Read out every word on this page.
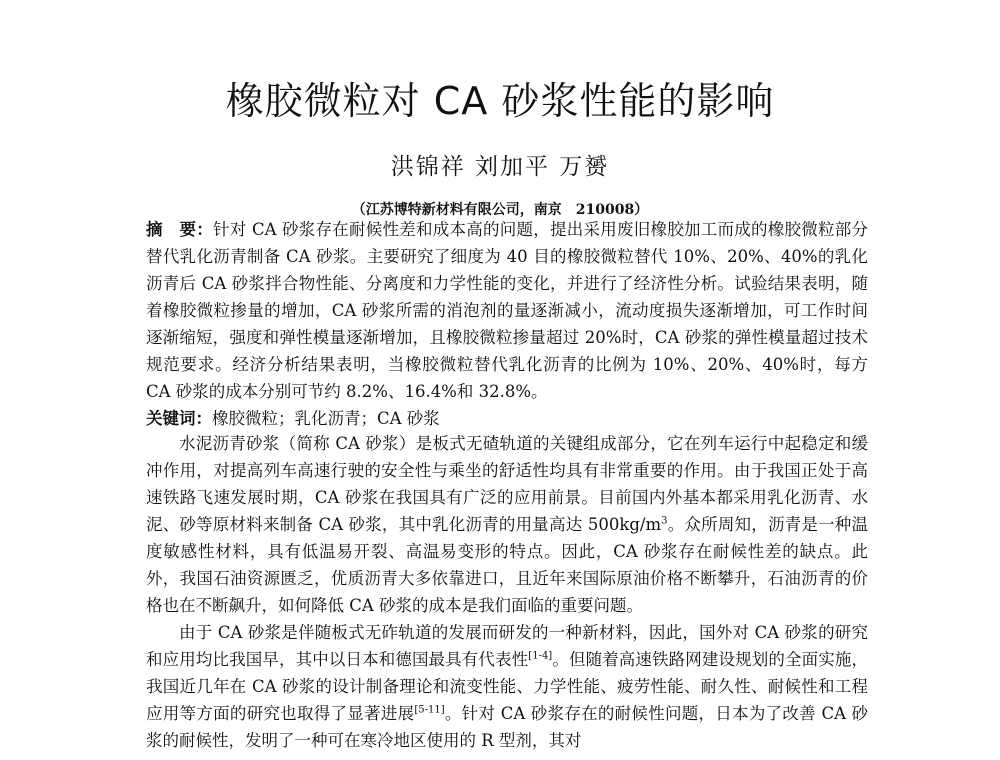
橡胶微粒对 CA 砂浆性能的影响
洪锦祥 刘加平 万赟
（江苏博特新材料有限公司，南京　210008）
摘　要：针对 CA 砂浆存在耐候性差和成本高的问题，提出采用废旧橡胶加工而成的橡胶微粒部分替代乳化沥青制备 CA 砂浆。主要研究了细度为 40 目的橡胶微粒替代 10%、20%、40%的乳化沥青后 CA 砂浆拌合物性能、分离度和力学性能的变化，并进行了经济性分析。试验结果表明，随着橡胶微粒掺量的增加，CA 砂浆所需的消泡剂的量逐渐减小，流动度损失逐渐增加，可工作时间逐渐缩短，强度和弹性模量逐渐增加，且橡胶微粒掺量超过 20%时，CA 砂浆的弹性模量超过技术规范要求。经济分析结果表明，当橡胶微粒替代乳化沥青的比例为 10%、20%、40%时，每方 CA 砂浆的成本分别可节约 8.2%、16.4%和 32.8%。
关键词：橡胶微粒；乳化沥青；CA 砂浆

水泥沥青砂浆（简称 CA 砂浆）是板式无碴轨道的关键组成部分，它在列车运行中起稳定和缓冲作用，对提高列车高速行驶的安全性与乘坐的舒适性均具有非常重要的作用。由于我国正处于高速铁路飞速发展时期，CA 砂浆在我国具有广泛的应用前景。目前国内外基本都采用乳化沥青、水泥、砂等原材料来制备 CA 砂浆，其中乳化沥青的用量高达 $500kg/m^3$。众所周知，沥青是一种温度敏感性材料，具有低温易开裂、高温易变形的特点。因此，CA 砂浆存在耐候性差的缺点。此外，我国石油资源匮乏，优质沥青大多依靠进口，且近年来国际原油价格不断攀升，石油沥青的价格也在不断飙升，如何降低 CA 砂浆的成本是我们面临的重要问题。

由于 CA 砂浆是伴随板式无砟轨道的发展而研发的一种新材料，因此，国外对 CA 砂浆的研究和应用均比我国早，其中以日本和德国最具有代表性[1-4]。但随着高速铁路网建设规划的全面实施，我国近几年在 CA 砂浆的设计制备理论和流变性能、力学性能、疲劳性能、耐久性、耐候性和工程应用等方面的研究也取得了显著进展[5-11]。针对 CA 砂浆存在的耐候性问题，日本为了改善 CA 砂浆的耐候性，发明了一种可在寒冷地区使用的 R 型剂，其对
